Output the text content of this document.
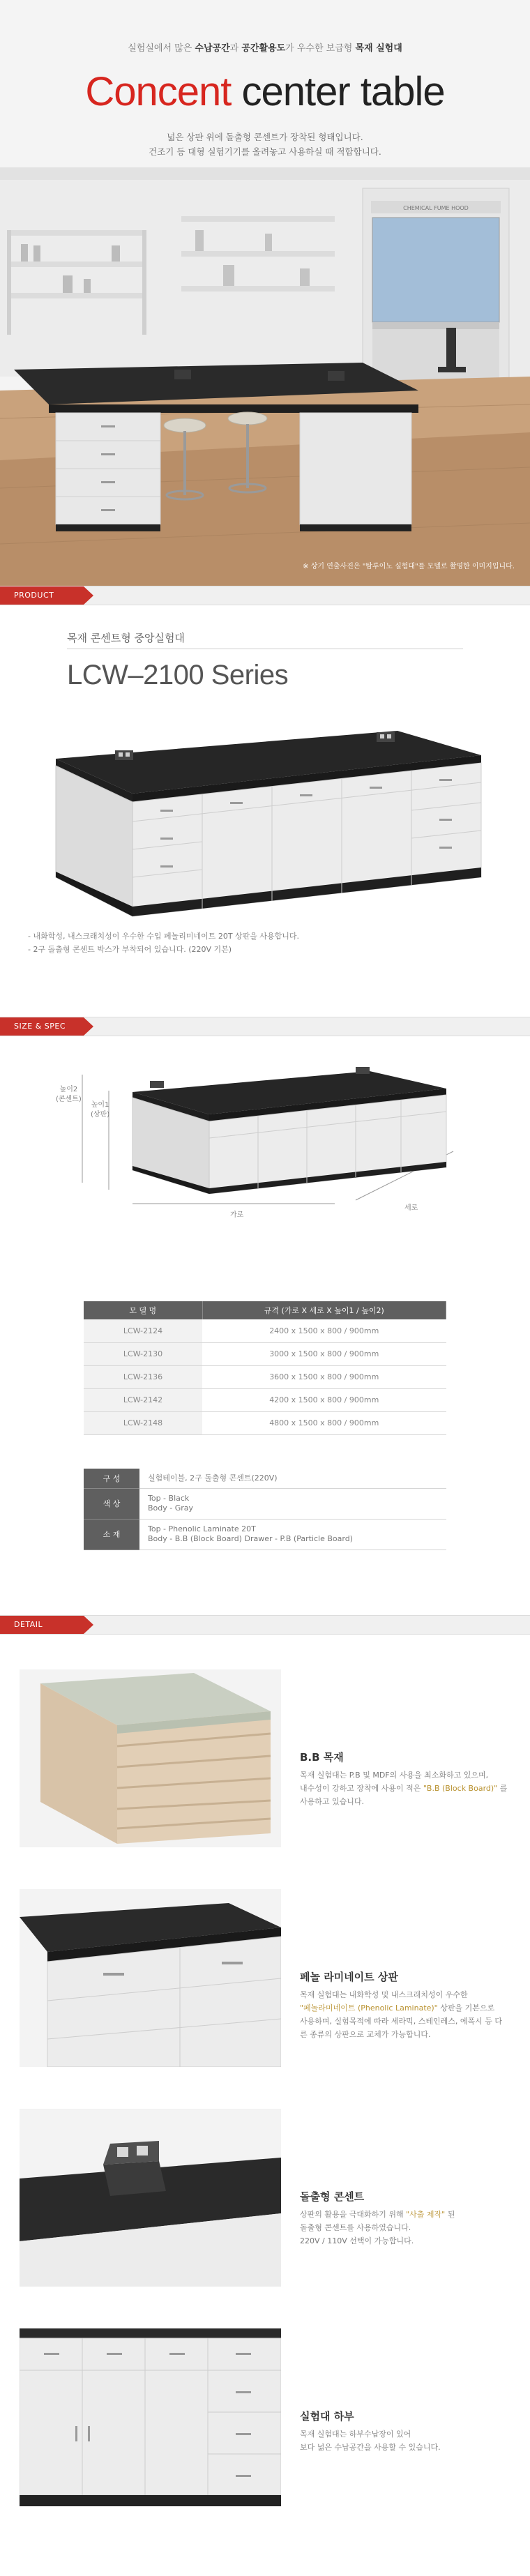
실험실에서 많은 수납공간과 공간활용도가 우수한 보급형 목재 실험대
Concent center table
넓은 상판 위에 돌출형 콘센트가 장착된 형태입니다.
건조기 등 대형 실험기기를 올려놓고 사용하실 때 적합합니다.
CHEMICAL FUME HOOD
※ 상기 연출사진은 "탐루이노 실험대"를 모델로 촬영한 이미지입니다.
PRODUCT
목재 콘센트형 중앙실험대
LCW–2100 Series
- 내화학성, 내스크래치성이 우수한 수입 페놀리미네이트 20T 상판을 사용합니다.
- 2구 돌출형 콘센트 박스가 부착되어 있습니다. (220V 기본)
SIZE & SPEC
높이2
(콘센트)
높이1
(상판)
가로
세로
모 델 명	규격 (가로 X 세로 X 높이1 / 높이2)
LCW-2124	2400 x 1500 x 800 / 900mm
LCW-2130	3000 x 1500 x 800 / 900mm
LCW-2136	3600 x 1500 x 800 / 900mm
LCW-2142	4200 x 1500 x 800 / 900mm
LCW-2148	4800 x 1500 x 800 / 900mm
구 성	실험테이블, 2구 돌출형 콘센트(220V)
색 상	Top - Black
Body - Gray

소 재	Top - Phenolic Laminate 20T
Body - B.B (Block Board) Drawer - P.B (Particle Board)
DETAIL
B.B 목재
목재 실험대는 P.B 및 MDF의 사용을 최소화하고 있으며,
내수성이 강하고 장착에 사용이 적은 "B.B (Block Board)" 를
사용하고 있습니다.
페놀 라미네이트 상판
목재 실험대는 내화학성 및 내스크래치성이 우수한
"페놀라미네이트 (Phenolic Laminate)" 상판을 기본으로
사용하며, 실험목적에 따라 세라믹, 스테인레스, 에폭시 등 다른 종류의 상판으로 교체가 가능합니다.
돌출형 콘센트
상판의 활용을 극대화하기 위해 "사출 제작" 된
돌출형 콘센트를 사용하였습니다.
220V / 110V 선택이 가능합니다.
실험대 하부
목재 실험대는 하부수납장이 있어
보다 넓은 수납공간을 사용할 수 있습니다.
